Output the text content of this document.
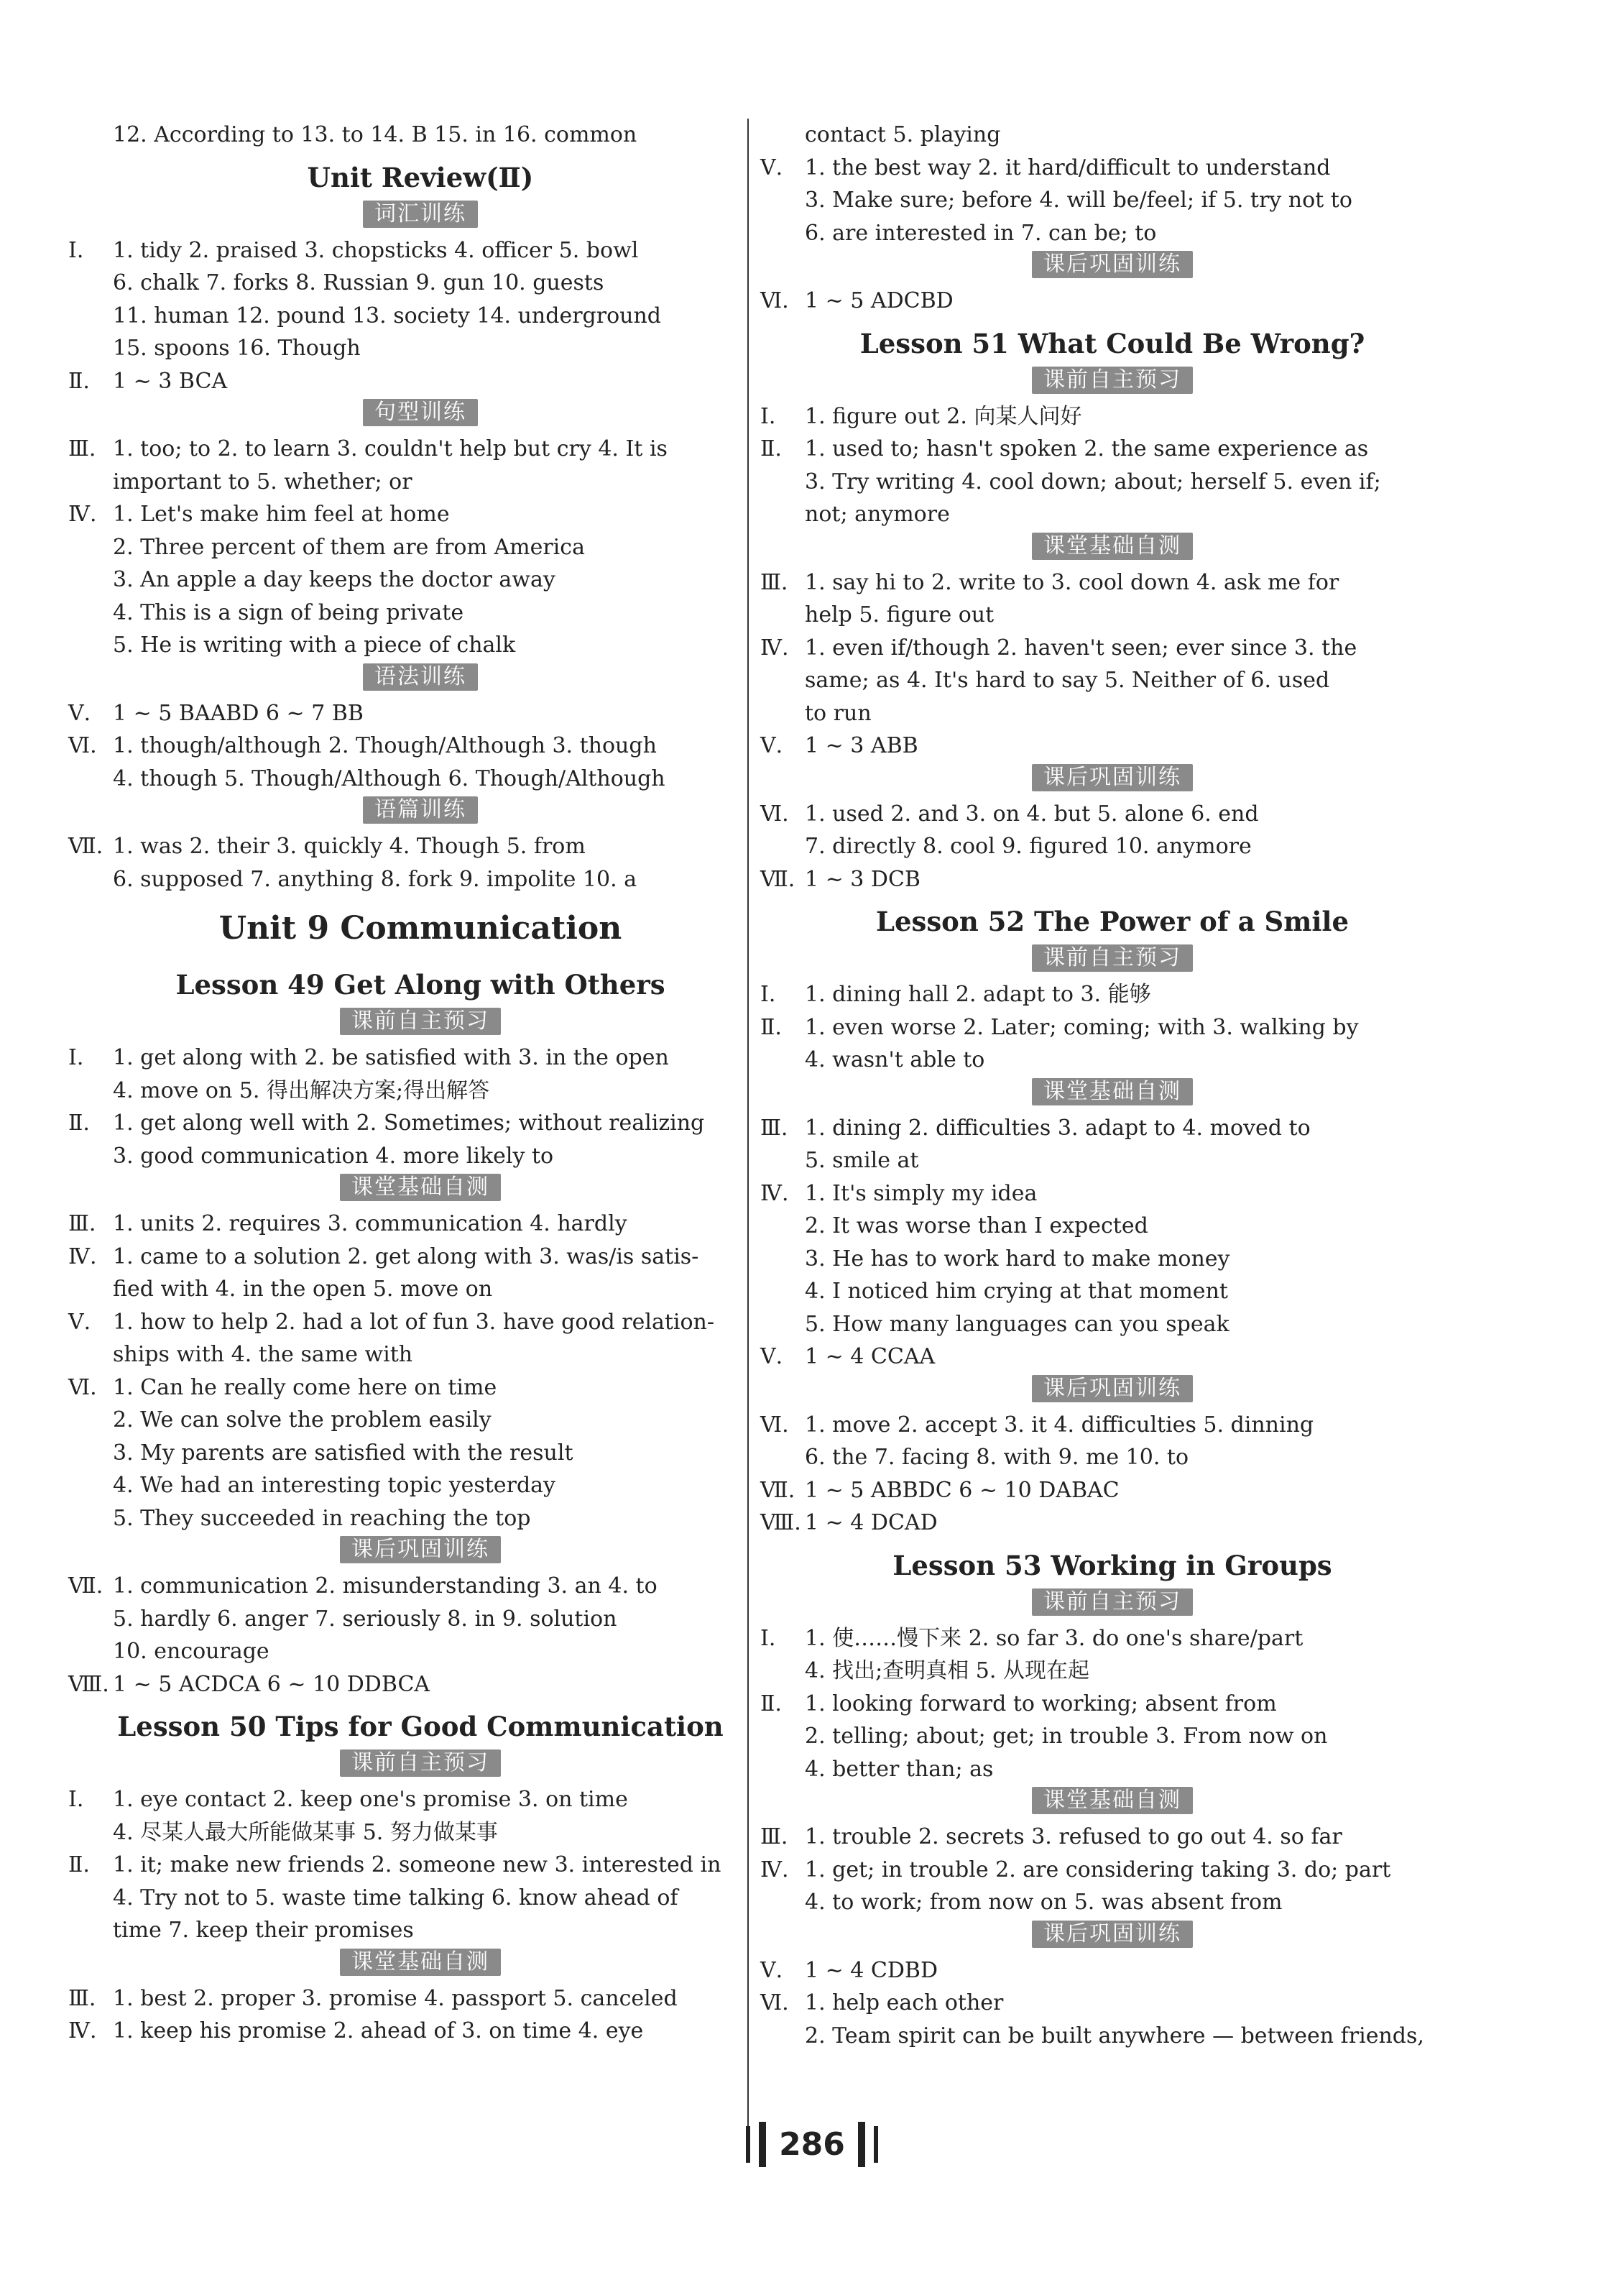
12. According to 13. to 14. B 15. in 16. common
Unit Review(Ⅱ)
词汇训练
Ⅰ.	1. tidy 2. praised 3. chopsticks 4. officer 5. bowl
6. chalk 7. forks 8. Russian 9. gun 10. guests
11. human 12. pound 13. society 14. underground
15. spoons 16. Though
Ⅱ.	1 ~ 3 BCA
句型训练
Ⅲ. 1. too; to 2. to learn 3. couldn't help but cry 4. It is
important to 5. whether; or
Ⅳ. 1. Let's make him feel at home
2. Three percent of them are from America
3. An apple a day keeps the doctor away
4. This is a sign of being private
5. He is writing with a piece of chalk
语法训练
Ⅴ.	1 ~ 5 BAABD 6 ~ 7 BB
Ⅵ. 1. though/although 2. Though/Although 3. though
4. though 5. Though/Although 6. Though/Although
语篇训练
Ⅶ. 1. was 2. their 3. quickly 4. Though 5. from
6. supposed 7. anything 8. fork 9. impolite 10. a
Unit 9 Communication
Lesson 49 Get Along with Others
课前自主预习
Ⅰ.	1. get along with 2. be satisfied with 3. in the open
4. move on 5. 得出解决方案;得出解答
Ⅱ.	1. get along well with 2. Sometimes; without realizing
3. good communication 4. more likely to
课堂基础自测
Ⅲ. 1. units 2. requires 3. communication 4. hardly
Ⅳ. 1. came to a solution 2. get along with 3. was/is satis-
fied with 4. in the open 5. move on
Ⅴ.	1. how to help 2. had a lot of fun 3. have good relation-
ships with 4. the same with
Ⅵ. 1. Can he really come here on time
2. We can solve the problem easily
3. My parents are satisfied with the result
4. We had an interesting topic yesterday
5. They succeeded in reaching the top
课后巩固训练
Ⅶ. 1. communication 2. misunderstanding 3. an 4. to
5. hardly 6. anger 7. seriously 8. in 9. solution
10. encourage
Ⅷ. 1 ~ 5 ACDCA 6 ~ 10 DDBCA
Lesson 50 Tips for Good Communication
课前自主预习
Ⅰ.	1. eye contact 2. keep one's promise 3. on time
4. 尽某人最大所能做某事 5. 努力做某事
Ⅱ.	1. it; make new friends 2. someone new 3. interested in
4. Try not to 5. waste time talking 6. know ahead of
time 7. keep their promises
课堂基础自测
Ⅲ. 1. best 2. proper 3. promise 4. passport 5. canceled
Ⅳ. 1. keep his promise 2. ahead of 3. on time 4. eye
contact 5. playing
Ⅴ.	1. the best way 2. it hard/difficult to understand
3. Make sure; before 4. will be/feel; if 5. try not to
6. are interested in 7. can be; to
课后巩固训练
Ⅵ. 1 ~ 5 ADCBD
Lesson 51 What Could Be Wrong?
课前自主预习
Ⅰ.	1. figure out 2. 向某人问好
Ⅱ.	1. used to; hasn't spoken 2. the same experience as
3. Try writing 4. cool down; about; herself 5. even if;
not; anymore
课堂基础自测
Ⅲ. 1. say hi to 2. write to 3. cool down 4. ask me for
help 5. figure out
Ⅳ. 1. even if/though 2. haven't seen; ever since 3. the
same; as 4. It's hard to say 5. Neither of 6. used
to run
Ⅴ.	1 ~ 3 ABB
课后巩固训练
Ⅵ. 1. used 2. and 3. on 4. but 5. alone 6. end
7. directly 8. cool 9. figured 10. anymore
Ⅶ. 1 ~ 3 DCB
Lesson 52 The Power of a Smile
课前自主预习
Ⅰ.	1. dining hall 2. adapt to 3. 能够
Ⅱ.	1. even worse 2. Later; coming; with 3. walking by
4. wasn't able to
课堂基础自测
Ⅲ. 1. dining 2. difficulties 3. adapt to 4. moved to
5. smile at
Ⅳ. 1. It's simply my idea
2. It was worse than I expected
3. He has to work hard to make money
4. I noticed him crying at that moment
5. How many languages can you speak
Ⅴ.	1 ~ 4 CCAA
课后巩固训练
Ⅵ. 1. move 2. accept 3. it 4. difficulties 5. dinning
6. the 7. facing 8. with 9. me 10. to
Ⅶ. 1 ~ 5 ABBDC 6 ~ 10 DABAC
Ⅷ. 1 ~ 4 DCAD
Lesson 53 Working in Groups
课前自主预习
Ⅰ.	1. 使……慢下来 2. so far 3. do one's share/part
4. 找出;查明真相 5. 从现在起
Ⅱ.	1. looking forward to working; absent from
2. telling; about; get; in trouble 3. From now on
4. better than; as
课堂基础自测
Ⅲ. 1. trouble 2. secrets 3. refused to go out 4. so far
Ⅳ. 1. get; in trouble 2. are considering taking 3. do; part
4. to work; from now on 5. was absent from
课后巩固训练
Ⅴ.	1 ~ 4 CDBD
Ⅵ. 1. help each other
2. Team spirit can be built anywhere — between friends,
286
